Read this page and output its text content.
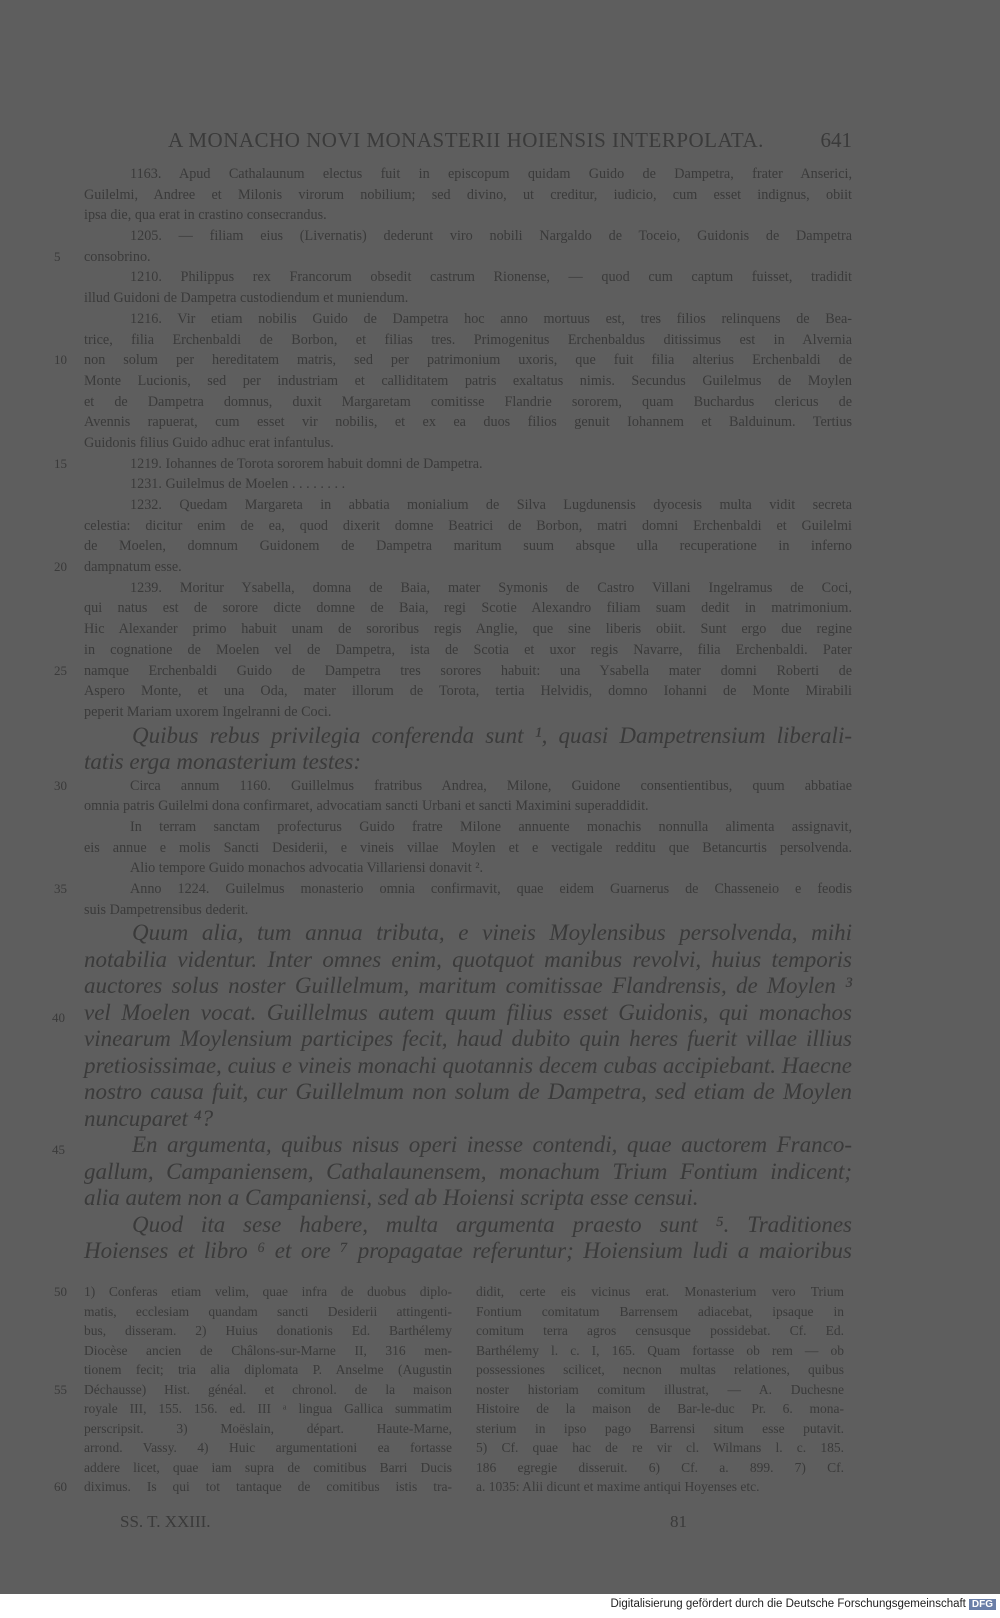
A MONACHO NOVI MONASTERII HOIENSIS INTERPOLATA.	641
1163. Apud Cathalaunum electus fuit in episcopum quidam Guido de Dampetra, frater Anserici,
Guilelmi, Andree et Milonis virorum nobilium; sed divino, ut creditur, iudicio, cum esset indignus, obiit
ipsa die, qua erat in crastino consecrandus.
1205. — filiam eius (Livernatis) dederunt viro nobili Nargaldo de Toceio, Guidonis de Dampetra
5 consobrino.
1210. Philippus rex Francorum obsedit castrum Rionense, — quod cum captum fuisset, tradidit
illud Guidoni de Dampetra custodiendum et muniendum.
1216. Vir etiam nobilis Guido de Dampetra hoc anno mortuus est, tres filios relinquens de Bea-
trice, filia Erchenbaldi de Borbon, et filias tres. Primogenitus Erchenbaldus ditissimus est in Alvernia
10 non solum per hereditatem matris, sed per patrimonium uxoris, que fuit filia alterius Erchenbaldi de
Monte Lucionis, sed per industriam et calliditatem patris exaltatus nimis. Secundus Guilelmus de Moylen
et de Dampetra domnus, duxit Margaretam comitisse Flandrie sororem, quam Buchardus clericus de
Avennis rapuerat, cum esset vir nobilis, et ex ea duos filios genuit Iohannem et Balduinum. Tertius
Guidonis filius Guido adhuc erat infantulus.
15	1219. Iohannes de Torota sororem habuit domni de Dampetra.
1231. Guilelmus de Moelen . . . . . . . .
1232. Quedam Margareta in abbatia monialium de Silva Lugdunensis dyocesis multa vidit secreta
celestia: dicitur enim de ea, quod dixerit domne Beatrici de Borbon, matri domni Erchenbaldi et Guilelmi
de Moelen, domnum Guidonem de Dampetra maritum suum absque ulla recuperatione in inferno
20 dampnatum esse.
1239. Moritur Ysabella, domna de Baia, mater Symonis de Castro Villani Ingelramus de Coci,
qui natus est de sorore dicte domne de Baia, regi Scotie Alexandro filiam suam dedit in matrimonium.
Hic Alexander primo habuit unam de sororibus regis Anglie, que sine liberis obiit. Sunt ergo due regine
in cognatione de Moelen vel de Dampetra, ista de Scotia et uxor regis Navarre, filia Erchenbaldi. Pater
25 namque Erchenbaldi Guido de Dampetra tres sorores habuit: una Ysabella mater domni Roberti de
Aspero Monte, et una Oda, mater illorum de Torota, tertia Helvidis, domno Iohanni de Monte Mirabili
peperit Mariam uxorem Ingelranni de Coci.
Quibus rebus privilegia conferenda sunt ¹, quasi Dampetrensium liberali-
tatis erga monasterium testes:
30	Circa annum 1160. Guillelmus fratribus Andrea, Milone, Guidone consentientibus, quum abbatiae
omnia patris Guilelmi dona confirmaret, advocatiam sancti Urbani et sancti Maximini superaddidit.
In terram sanctam profecturus Guido fratre Milone annuente monachis nonnulla alimenta assignavit,
eis annue e molis Sancti Desiderii, e vineis villae Moylen et e vectigale redditu que Betancurtis persolvenda.
Alio tempore Guido monachos advocatia Villariensi donavit ².
35	Anno 1224. Guilelmus monasterio omnia confirmavit, quae eidem Guarnerus de Chasseneio e feodis
suis Dampetrensibus dederit.
Quum alia, tum annua tributa, e vineis Moylensibus persolvenda, mihi
notabilia videntur. Inter omnes enim, quotquot manibus revolvi, huius temporis
auctores solus noster Guillelmum, maritum comitissae Flandrensis, de Moylen ³
40 vel Moelen vocat. Guillelmus autem quum filius esset Guidonis, qui monachos
vinearum Moylensium participes fecit, haud dubito quin heres fuerit villae illius
pretiosissimae, cuius e vineis monachi quotannis decem cubas accipiebant. Haecne
nostro causa fuit, cur Guillelmum non solum de Dampetra, sed etiam de Moylen
nuncuparet ⁴?
45	En argumenta, quibus nisus operi inesse contendi, quae auctorem Franco-
gallum, Campaniensem, Cathalaunensem, monachum Trium Fontium indicent;
alia autem non a Campaniensi, sed ab Hoiensi scripta esse censui.
Quod ita sese habere, multa argumenta praesto sunt ⁵. Traditiones
Hoienses et libro ⁶ et ore ⁷ propagatae referuntur; Hoiensium ludi a maioribus
50 1) Conferas etiam velim, quae infra de duobus diplo-
matis, ecclesiam quandam sancti Desiderii attingenti-
bus, disseram. 2) Huius donationis Ed. Barthélemy
Diocèse ancien de Châlons-sur-Marne II, 316 men-
tionem fecit; tria alia diplomata P. Anselme (Augustin
55 Déchausse) Hist. généal. et chronol. de la maison
royale III, 155. 156. ed. III ᵃ lingua Gallica summatim
perscripsit. 3) Moëslain, départ. Haute-Marne,
arrond. Vassy. 4) Huic argumentationi ea fortasse
addere licet, quae iam supra de comitibus Barri Ducis
60 diximus. Is qui tot tantaque de comitibus istis tra-
didit, certe eis vicinus erat. Monasterium vero Trium
Fontium comitatum Barrensem adiacebat, ipsaque in
comitum terra agros censusque possidebat. Cf. Ed.
Barthélemy l. c. I, 165. Quam fortasse ob rem — ob
possessiones scilicet, necnon multas relationes, quibus
noster historiam comitum illustrat, — A. Duchesne
Histoire de la maison de Bar-le-duc Pr. 6. mona-
sterium in ipso pago Barrensi situm esse putavit.
5) Cf. quae hac de re vir cl. Wilmans l. c. 185.
186 egregie disseruit. 6) Cf. a. 899. 7) Cf.
a. 1035: Alii dicunt et maxime antiqui Hoyenses etc.
SS. T. XXIII.	81
Digitalisierung gefördert durch die Deutsche Forschungsgemeinschaft DFG
